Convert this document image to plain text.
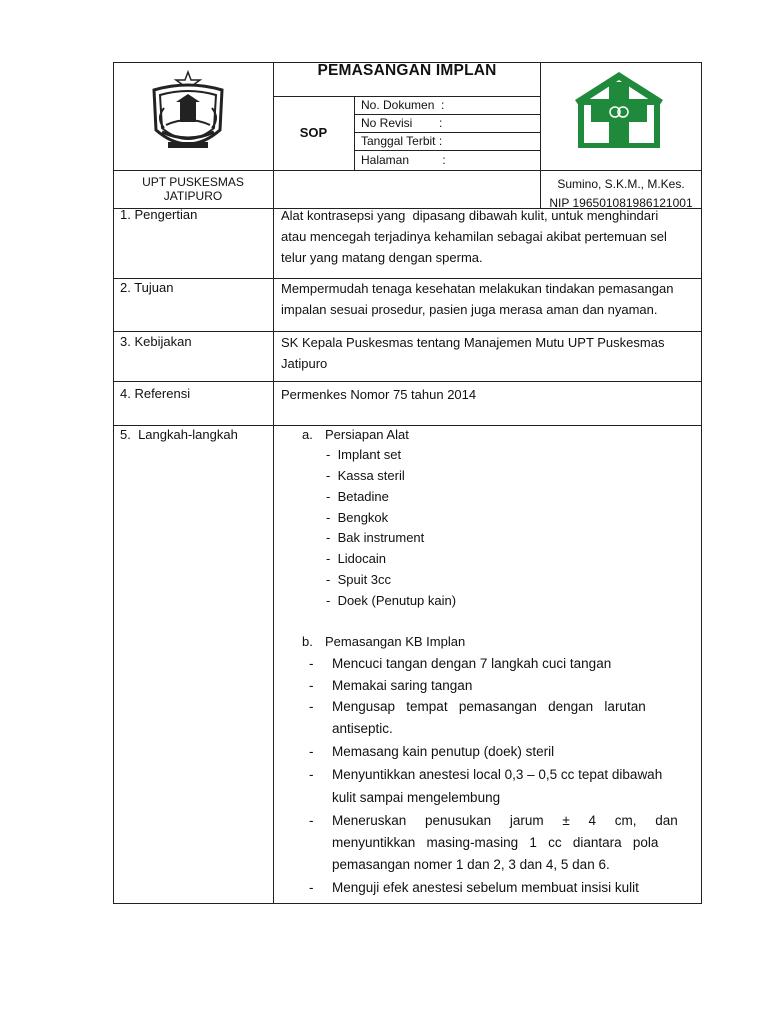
PEMASANGAN IMPLAN
SOP
No. Dokumen  :
No Revisi        :
Tanggal Terbit :
Halaman          :
UPT PUSKESMAS
JATIPURO
Sumino, S.K.M., M.Kes.
NIP 196501081986121001
1. Pengertian
2. Tujuan
3. Kebijakan
4. Referensi
5.  Langkah-langkah
Alat kontrasepsi yang  dipasang dibawah kulit, untuk menghindari
atau mencegah terjadinya kehamilan sebagai akibat pertemuan sel
telur yang matang dengan sperma.
Mempermudah tenaga kesehatan melakukan tindakan pemasangan
impalan sesuai prosedur, pasien juga merasa aman dan nyaman.
SK Kepala Puskesmas tentang Manajemen Mutu UPT Puskesmas
Jatipuro
Permenkes Nomor 75 tahun 2014
a. Persiapan Alat
-  Implant set
-  Kassa steril
-  Betadine
-  Bengkok
-  Bak instrument
-  Lidocain
-  Spuit 3cc
-  Doek (Penutup kain)
b. Pemasangan KB Implan
- Mencuci tangan dengan 7 langkah cuci tangan
- Memakai saring tangan
- Mengusap   tempat   pemasangan   dengan   larutan
antiseptic.
- Memasang kain penutup (doek) steril
- Menyuntikkan anestesi local 0,3 – 0,5 cc tepat dibawah
kulit sampai mengelembung
- Meneruskan     penusukan     jarum     ±     4     cm,     dan
menyuntikkan   masing-masing   1   cc   diantara   pola
pemasangan nomer 1 dan 2, 3 dan 4, 5 dan 6.
- Menguji efek anestesi sebelum membuat insisi kulit
